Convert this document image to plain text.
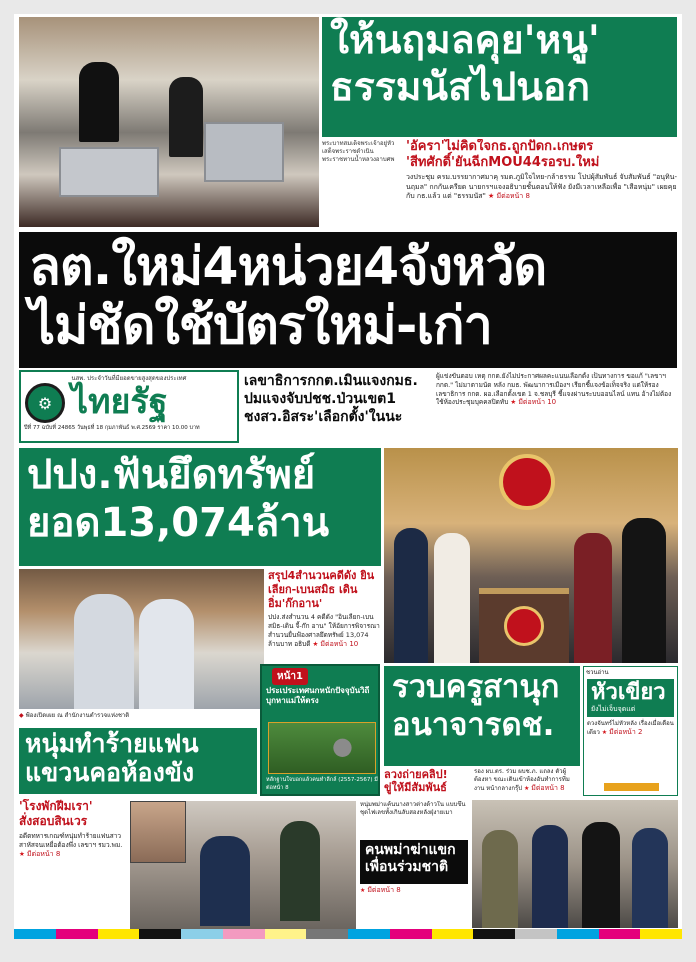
ให้นฤมลคุย'หนู'

ธรรมนัสไปนอก

พระบาทสมเด็จพระเจ้าอยู่หัว เสด็จพระราชดำเนิน พระราชทานน้ำหลวงอาบศพ
'อัครา'ไม่คิดใจกธ.ถูกปัดก.เกษตร
'สีทศักดิ์'ยันฉีกMOU44รอรบ.ใหม่
วงประชุม ครม.บรรยากาศมาคุ รมต.ภูมิใจไทย-กล้าธรรม โปปผุ้สัมพันธ์ จับสัมพันธ์ "อนุทิน-นฤมล" กกกันเครียด นายกรฯแจงอธิบายชั้นตอนให้ฟัง ยังมีเวลาเหลือเพื่อ "เสือหนุ่ม" เผยคุยกับ กธ.แล้ว แต่ "ธรรมนัส" ★ มีต่อหน้า 8

ลต.ใหม่4หน่วย4จังหวัด

ไม่ชัดใช้บัตรใหม่-เก่า

นสพ. ประจำวันที่มียอดขายสูงสุดของประเทศ
⚙ ไทยรัฐ
ปีที่ 77 ฉบับที่ 24865 วันพุธที่ 18 กุมภาพันธ์ พ.ศ.2569 ราคา 10.00 บาท
เลขาธิการกกต.เมินแจงกมธ.
ปมแจงจับปชช.ป่วนเขต1
ชงสว.อิสระ'เลือกตั้ง'ในนะ
ผู้แข่งขันตอบ เหตุ กกต.ยังไม่ประกาศผลคะแนนเลือกตั้ง เป็นทางการ ขอแก้ "เลขาฯ กกต." ไม่มาตามนัด หลัง กมธ. พัฒนาการเมืองฯ เรียกชี้แจงข้อเท็จจริง แต่ให้รองเลขาธิการ กกต. ผอ.เลือกตั้งเขต 1 จ.ชลบุรี ชี้แจงผ่านระบบออนไลน์ แทน อ้างไม่ต้องใช้ห้องประชุมบุคคลปิดทับ ★ มีต่อหน้า 10

ปปง.ฟันยึดทรัพย์

ยอด13,074ล้าน

สรุป4สำนวนคดีดัง ยินเลียก-เบนสมิธ เดินอิ่ม'ก๊กอาน'
ปปง.ส่งสำนวน 4 คดีดัง "อินเลียก-เบน สมิธ-เดิน จี้-ก๊ก อาน" ให้อัยการพิจารณาสำนวนยื่นฟ้องศาลยึดทรัพย์ 13,074 ล้านบาท อธิบดี ★ มีต่อหน้า 10
◆ ฟ้องเปิดเผย ณ สำนักงานตำรวจแห่งชาติ

หนุ่มทำร้ายแฟน

แขวนคอห้องขัง

หน้า1
ประเประเทศนกหนักปัจจุบันวิถีบุกหาแม่ให้ตรง
●
หลักฐานใจบอกแล้วคนทำลีกล์ (2557-2567) มีต่อหน้า 8

รวบครูสานุก

อนาจารดช.

ลวงถ่ายคลิป!
ขู่ให้มีสัมพันธ์
รอง ผบ.ตร. ร่วม ผบช.ภ. แถลง ตัวผู้ต้องหา ขณะเดินเข้าห้องอันทำการทีมงาน หน้ากลางกรุ๊ป ★ มีต่อหน้า 8
ชวนอ่าน
หัวเขียว
ยังไม่เจ็บจุดแต่
ดวงจันทร์ไม่หัวหลัง เรื่องเมื่อเดือนเดียว ★ มีต่อหน้า 2
'โรงพักฝีมเรา'
สั่งสอบสินเวร
อดีตทหารเกณฑ์หนุ่มทำร้ายแฟนสาวสาหัสจนเหยื่อต้องพึ่ง เลขาฯ รมว.พม. ★ มีต่อหน้า 8
หนุ่มพม่าแค้นนางสาวต่างด้าวใน แบบขึ้นชุดไฟเลขทั้งเกินลับสองหลังฝุ่งายเมา

คนพม่าฆ่าแขก

เพื่อนร่วมชาติ

★ มีต่อหน้า 8
